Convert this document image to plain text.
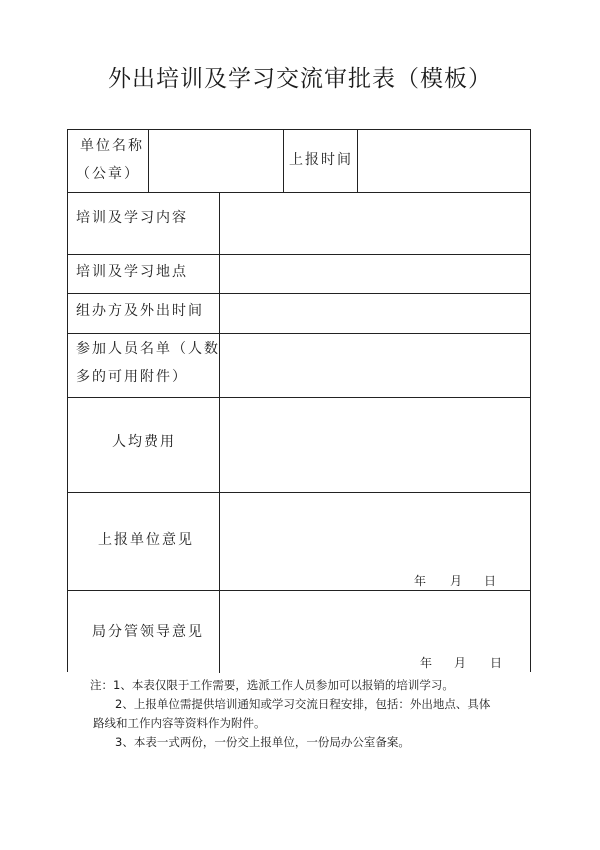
外出培训及学习交流审批表（模板）
单位名称
（公章）
上报时间
培训及学习内容
培训及学习地点
组办方及外出时间
参加人员名单（人数
多的可用附件）
人均费用
上报单位意见
年 月 日
局分管领导意见
年 月 日

注：1、本表仅限于工作需要，选派工作人员参加可以报销的培训学习。

2、上报单位需提供培训通知或学习交流日程安排，包括：外出地点、具体

路线和工作内容等资料作为附件。

3、本表一式两份，一份交上报单位，一份局办公室备案。
